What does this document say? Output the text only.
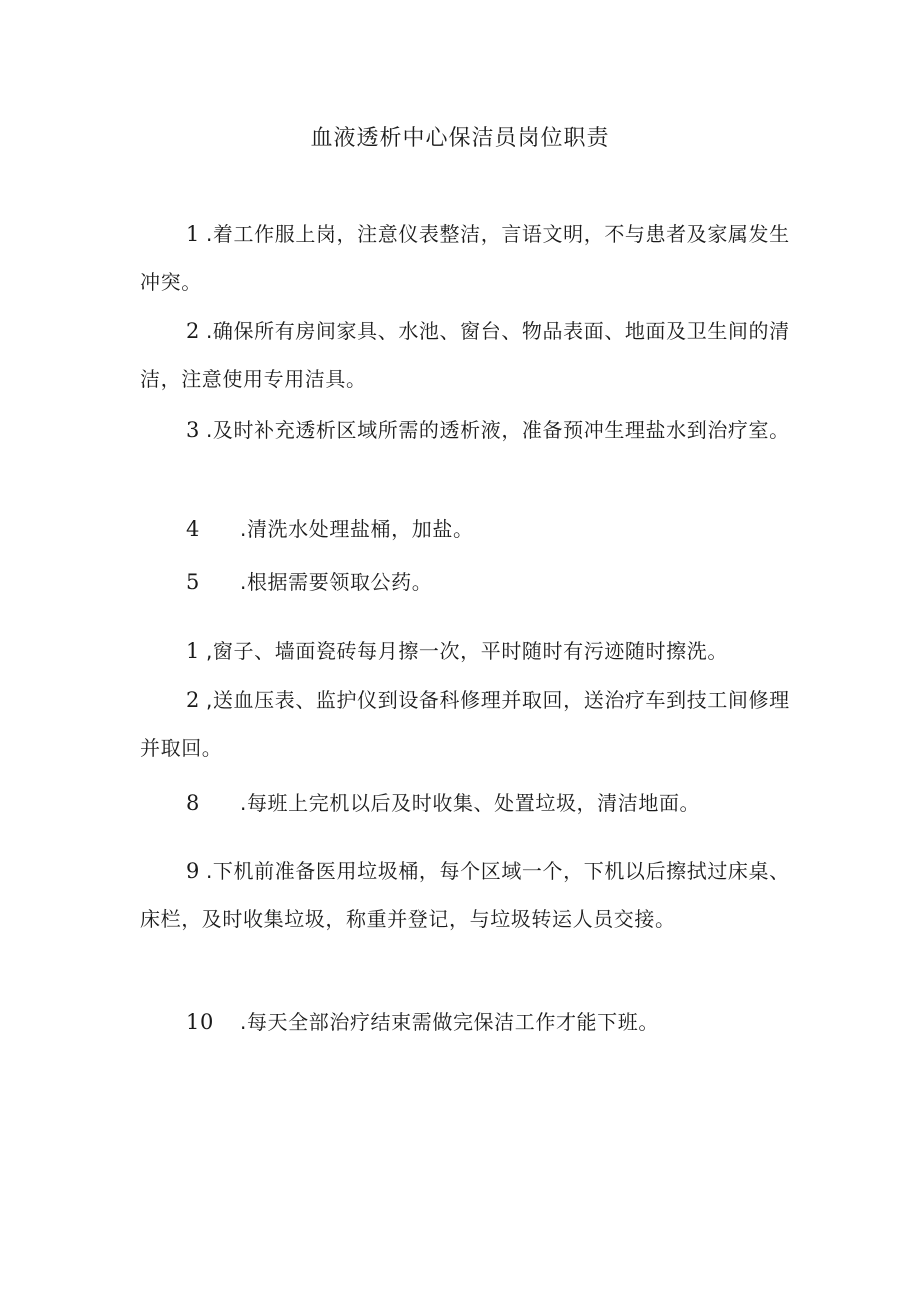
血液透析中心保洁员岗位职责

1 .着工作服上岗，注意仪表整洁，言语文明，不与患者及家属发生冲突。

2 .确保所有房间家具、水池、窗台、物品表面、地面及卫生间的清洁，注意使用专用洁具。

3 .及时补充透析区域所需的透析液，准备预冲生理盐水到治疗室。

4 .清洗水处理盐桶，加盐。

5 .根据需要领取公药。

1 ,窗子、墙面瓷砖每月擦一次，平时随时有污迹随时擦洗。

2 ,送血压表、监护仪到设备科修理并取回，送治疗车到技工间修理并取回。

8 .每班上完机以后及时收集、处置垃圾，清洁地面。

9 .下机前准备医用垃圾桶，每个区域一个，下机以后擦拭过床桌、床栏，及时收集垃圾，称重并登记，与垃圾转运人员交接。

10 .每天全部治疗结束需做完保洁工作才能下班。
